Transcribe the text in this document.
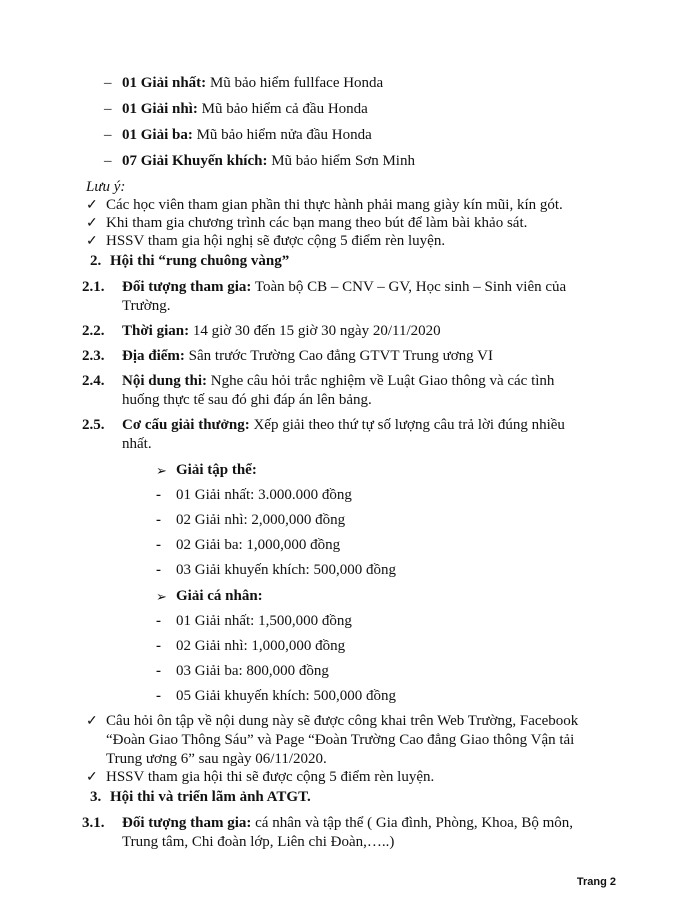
– 01 Giải nhất: Mũ bảo hiểm fullface Honda
– 01 Giải nhì: Mũ bảo hiểm cả đầu Honda
– 01 Giải ba: Mũ bảo hiểm nửa đầu Honda
– 07 Giải Khuyến khích: Mũ bảo hiểm Sơn Minh
Lưu ý:
✓ Các học viên tham gian phần thi thực hành phải mang giày kín mũi, kín gót.
✓ Khi tham gia chương trình các bạn mang theo bút để làm bài khảo sát.
✓ HSSV tham gia hội nghị sẽ được cộng 5 điểm rèn luyện.
2. Hội thi “rung chuông vàng”
2.1. Đối tượng tham gia: Toàn bộ CB – CNV – GV, Học sinh – Sinh viên của
Trường.
2.2. Thời gian: 14 giờ 30 đến 15 giờ 30 ngày 20/11/2020
2.3. Địa điểm: Sân trước Trường Cao đẳng GTVT Trung ương VI
2.4. Nội dung thi: Nghe câu hỏi trắc nghiệm về Luật Giao thông và các tình
huống thực tế sau đó ghi đáp án lên bảng.
2.5. Cơ cấu giải thưởng: Xếp giải theo thứ tự số lượng câu trả lời đúng nhiều
nhất.
➢ Giải tập thể:
- 01 Giải nhất: 3.000.000 đồng
- 02 Giải nhì: 2,000,000 đồng
- 02 Giải ba: 1,000,000 đồng
- 03 Giải khuyến khích: 500,000 đồng
➢ Giải cá nhân:
- 01 Giải nhất: 1,500,000 đồng
- 02 Giải nhì: 1,000,000 đồng
- 03 Giải ba: 800,000 đồng
- 05 Giải khuyến khích: 500,000 đồng
✓ Câu hỏi ôn tập về nội dung này sẽ được công khai trên Web Trường, Facebook
“Đoàn Giao Thông Sáu” và Page “Đoàn Trường Cao đẳng Giao thông Vận tải
Trung ương 6” sau ngày 06/11/2020.
✓ HSSV tham gia hội thi sẽ được cộng 5 điểm rèn luyện.
3. Hội thi và triển lãm ảnh ATGT.
3.1. Đối tượng tham gia: cá nhân và tập thể ( Gia đình, Phòng, Khoa, Bộ môn,
Trung tâm, Chi đoàn lớp, Liên chi Đoàn,…..)
Trang 2
